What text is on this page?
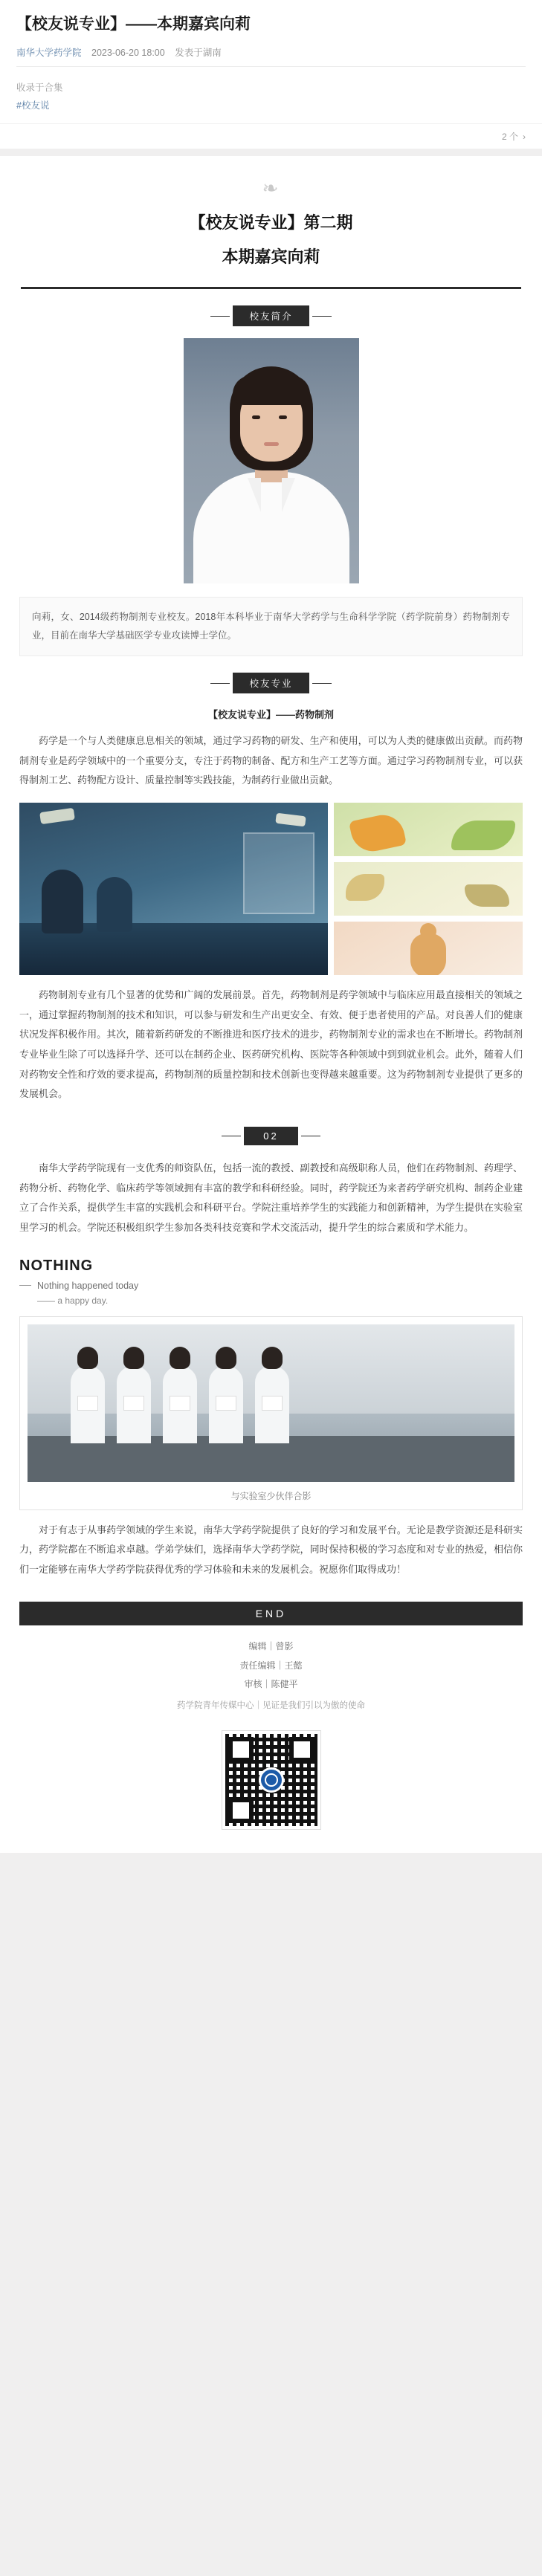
【校友说专业】——本期嘉宾向莉
南华大学药学院 2023-06-20 18:00 发表于湖南
收录于合集
#校友说
2 个 ›
❧
【校友说专业】第二期
本期嘉宾向莉
校友简介
向莉，女、2014级药物制剂专业校友。2018年本科毕业于南华大学药学与生命科学学院（药学院前身）药物制剂专业，目前在南华大学基础医学专业攻读博士学位。
校友专业
【校友说专业】——药物制剂
药学是一个与人类健康息息相关的领域，通过学习药物的研发、生产和使用，可以为人类的健康做出贡献。而药物制剂专业是药学领域中的一个重要分支，专注于药物的制备、配方和生产工艺等方面。通过学习药物制剂专业，可以获得制剂工艺、药物配方设计、质量控制等实践技能，为制药行业做出贡献。
药物制剂专业有几个显著的优势和广阔的发展前景。首先，药物制剂是药学领域中与临床应用最直接相关的领域之一，通过掌握药物制剂的技术和知识，可以参与研发和生产出更安全、有效、便于患者使用的产品。对良善人们的健康状况发挥积极作用。其次，随着新药研发的不断推进和医疗技术的进步，药物制剂专业的需求也在不断增长。药物制剂专业毕业生除了可以选择升学、还可以在制药企业、医药研究机构、医院等各种领域中到到就业机会。此外，随着人们对药物安全性和疗效的要求提高，药物制剂的质量控制和技术创新也变得越来越重要。这为药物制剂专业提供了更多的发展机会。
02
南华大学药学院现有一支优秀的师资队伍，包括一流的教授、副教授和高级职称人员，他们在药物制剂、药理学、药物分析、药物化学、临床药学等领域拥有丰富的教学和科研经验。同时，药学院还为来者药学研究机构、制药企业建立了合作关系，提供学生丰富的实践机会和科研平台。学院注重培养学生的实践能力和创新精神，为学生提供在实验室里学习的机会。学院还积极组织学生参加各类科技竞赛和学术交流活动，提升学生的综合素质和学术能力。
NOTHING
Nothing happened today
—— a happy day.
与实验室少伙伴合影
对于有志于从事药学领域的学生来说，南华大学药学院提供了良好的学习和发展平台。无论是教学资源还是科研实力，药学院都在不断追求卓越。学弟学妹们，选择南华大学药学院，同时保持积极的学习态度和对专业的热爱，相信你们一定能够在南华大学药学院获得优秀的学习体验和未来的发展机会。祝愿你们取得成功！
END
编辑｜曾影
责任编辑｜王懿
审核｜陈健平
药学院青年传媒中心｜见证是我们引以为傲的使命
